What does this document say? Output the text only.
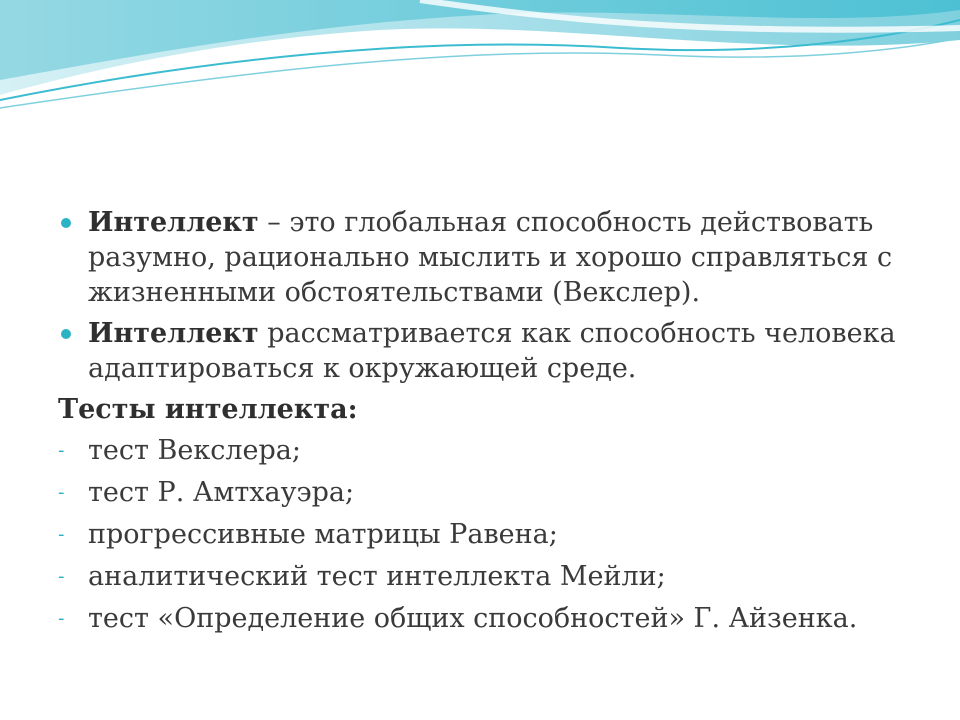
Интеллект – это глобальная способность действовать разумно, рационально мыслить и хорошо справляться с жизненными обстоятельствами (Векслер).
Интеллект рассматривается как способность человека адаптироваться к окружающей среде.
Тесты интеллекта:
- тест Векслера;
- тест Р. Амтхауэра;
- прогрессивные матрицы Равена;
- аналитический тест интеллекта Мейли;
- тест «Определение общих способностей» Г. Айзенка.
